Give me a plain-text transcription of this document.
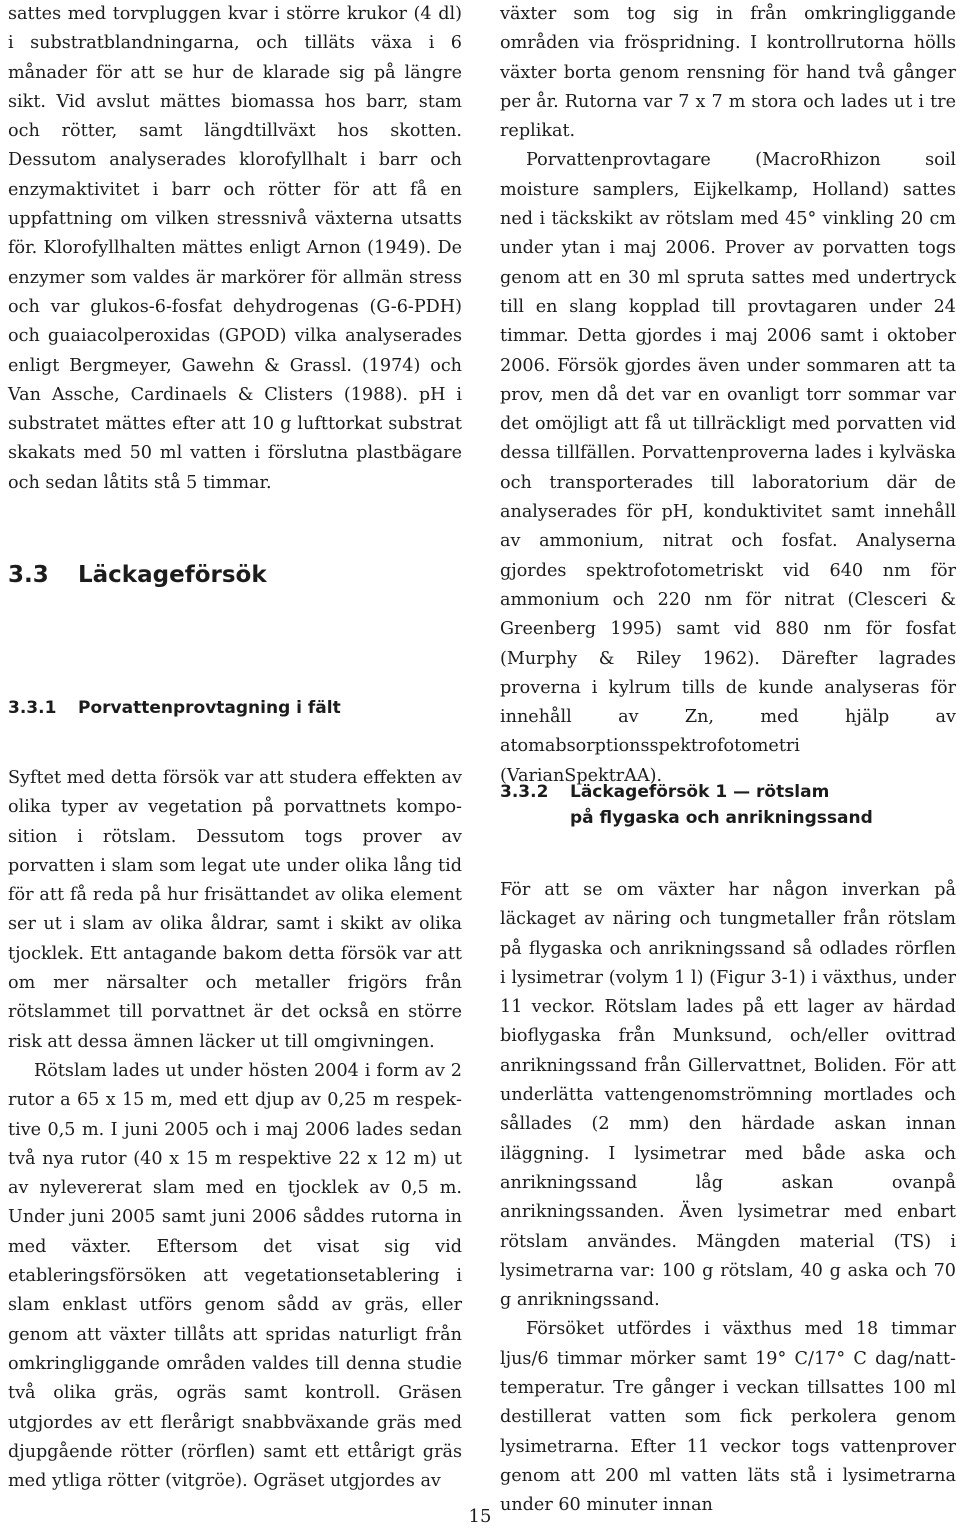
sattes med torvpluggen kvar i större krukor (4 dl) i substratblandningarna, och tilläts växa i 6 månader för att se hur de klarade sig på längre sikt. Vid avslut mättes biomassa hos barr, stam och rötter, samt längdtillväxt hos skotten. Dessutom analyserades klorofyllhalt i barr och enzymaktivitet i barr och rötter för att få en uppfattning om vilken stressnivå växterna utsatts för. Klorofyllhalten mättes enligt Arnon (1949). De enzymer som valdes är markörer för allmän stress och var glukos-6-fosfat dehydrogenas (G-6-PDH) och guaiacolperoxidas (GPOD) vilka analyserades enligt Bergmeyer, Gawehn & Grassl. (1974) och Van Assche, Cardinaels & Clisters (1988). pH i substratet mättes efter att 10 g lufttorkat substrat skakats med 50 ml vatten i förslutna plastbägare och sedan låtits stå 5 timmar.

3.3 Läckageförsök
3.3.1	Porvattenprovtagning i fält

växter som tog sig in från omkringliggande områden via fröspridning. I kontrollrutorna hölls växter borta genom rensning för hand två gånger per år. Rutorna var 7 x 7 m stora och lades ut i tre replikat.

Porvattenprovtagare (MacroRhizon soil moisture samplers, Eijkelkamp, Holland) sattes ned i täckskikt av rötslam med 45° vinkling 20 cm under ytan i maj 2006. Prover av porvatten togs genom att en 30 ml spruta sattes med undertryck till en slang kopplad till provtagaren under 24 timmar. Detta gjordes i maj 2006 samt i oktober 2006. Försök gjordes även under sommaren att ta prov, men då det var en ovanligt torr sommar var det omöjligt att få ut tillräckligt med porvatten vid dessa tillfällen. Porvattenproverna lades i kylväska och transporterades till laboratorium där de analyserades för pH, konduktivitet samt innehåll av ammonium, nitrat och fosfat. Analyserna gjordes spektrofotometriskt vid 640 nm för ammonium och 220 nm för nitrat (Clesceri & Greenberg 1995) samt vid 880 nm för fosfat (Murphy & Riley 1962). Därefter lagrades proverna i kylrum tills de kunde analyseras för innehåll av Zn, med hjälp av atomabsorptionsspektrofotometri (VarianSpektrAA).

Syftet med detta försök var att studera effekten av olika typer av vegetation på porvattnets komposition i rötslam. Dessutom togs prover av porvatten i slam som legat ute under olika lång tid för att få reda på hur frisättandet av olika element ser ut i slam av olika åldrar, samt i skikt av olika tjocklek. Ett antagande bakom detta försök var att om mer närsalter och metaller frigörs från rötslammet till porvattnet är det också en större risk att dessa ämnen läcker ut till omgivningen.

Rötslam lades ut under hösten 2004 i form av 2 rutor a 65 x 15 m, med ett djup av 0,25 m respektive 0,5 m. I juni 2005 och i maj 2006 lades sedan två nya rutor (40 x 15 m respektive 22 x 12 m) ut av nylevererat slam med en tjocklek av 0,5 m. Under juni 2005 samt juni 2006 såddes rutorna in med växter. Eftersom det visat sig vid etableringsförsöken att vegetationsetablering i slam enklast utförs genom sådd av gräs, eller genom att växter tillåts att spridas naturligt från omkringliggande områden valdes till denna studie två olika gräs, ogräs samt kontroll. Gräsen utgjordes av ett flerårigt snabbväxande gräs med djupgående rötter (rörflen) samt ett ettårigt gräs med ytliga rötter (vitgröe). Ogräset utgjordes av

3.3.2	Läckageförsök 1 — rötslam
på flygaska och anrikningssand

För att se om växter har någon inverkan på läckaget av näring och tungmetaller från rötslam på flygaska och anrikningssand så odlades rörflen i lysimetrar (volym 1 l) (Figur 3-1) i växthus, under 11 veckor. Rötslam lades på ett lager av härdad bioflygaska från Munksund, och/eller ovittrad anrikningssand från Gillervattnet, Boliden. För att underlätta vattengenomströmning mortlades och sållades (2 mm) den härdade askan innan iläggning. I lysimetrar med både aska och anrikningssand låg askan ovanpå anrikningssanden. Även lysimetrar med enbart rötslam användes. Mängden material (TS) i lysimetrarna var: 100 g rötslam, 40 g aska och 70 g anrikningssand.

Försöket utfördes i växthus med 18 timmar ljus/6 timmar mörker samt 19° C/17° C dag/natt-temperatur. Tre gånger i veckan tillsattes 100 ml destillerat vatten som fick perkolera genom lysimetrarna. Efter 11 veckor togs vattenprover genom att 200 ml vatten läts stå i lysimetrarna under 60 minuter innan

15
